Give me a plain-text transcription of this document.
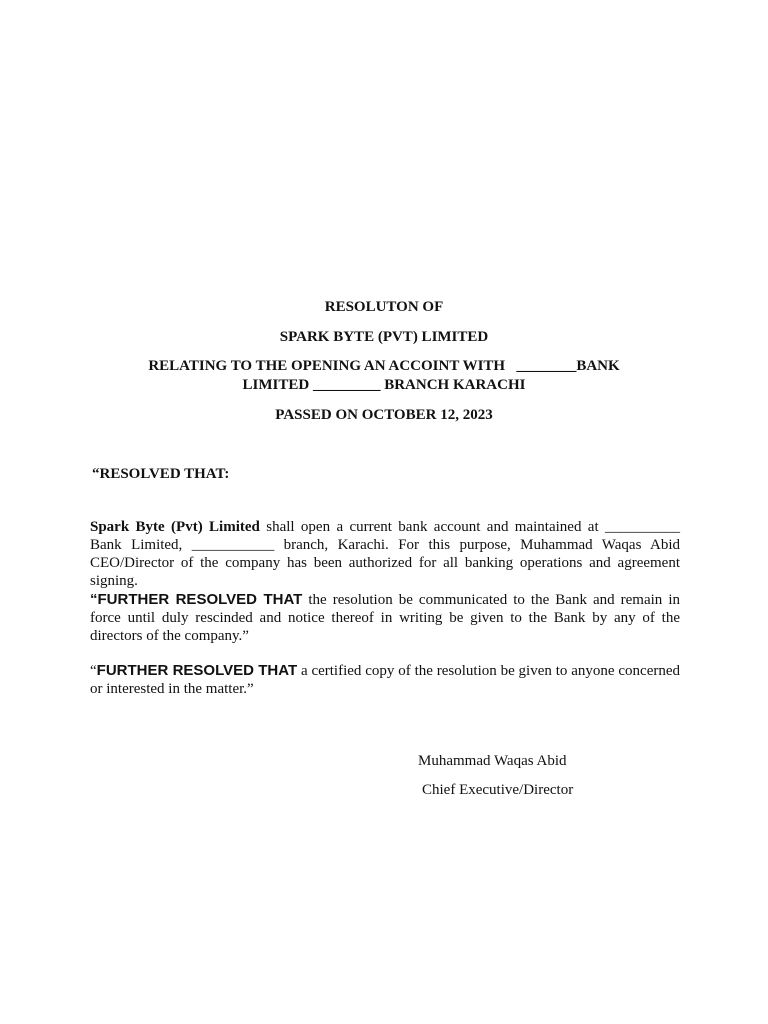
RESOLUTON OF
SPARK BYTE (PVT) LIMITED
RELATING TO THE OPENING AN ACCOINT WITH   ________BANK
LIMITED _________ BRANCH KARACHI
PASSED ON OCTOBER 12, 2023
“RESOLVED THAT:

Spark Byte (Pvt) Limited shall open a current bank account and maintained at __________ Bank Limited, ___________ branch, Karachi. For this purpose, Muhammad Waqas Abid CEO/Director of the company has been authorized for all banking operations and agreement signing.

“FURTHER RESOLVED THAT the resolution be communicated to the Bank and remain in force until duly rescinded and notice thereof in writing be given to the Bank by any of the directors of the company.”

“FURTHER RESOLVED THAT a certified copy of the resolution be given to anyone concerned or interested in the matter.”

Muhammad Waqas Abid
Chief Executive/Director
